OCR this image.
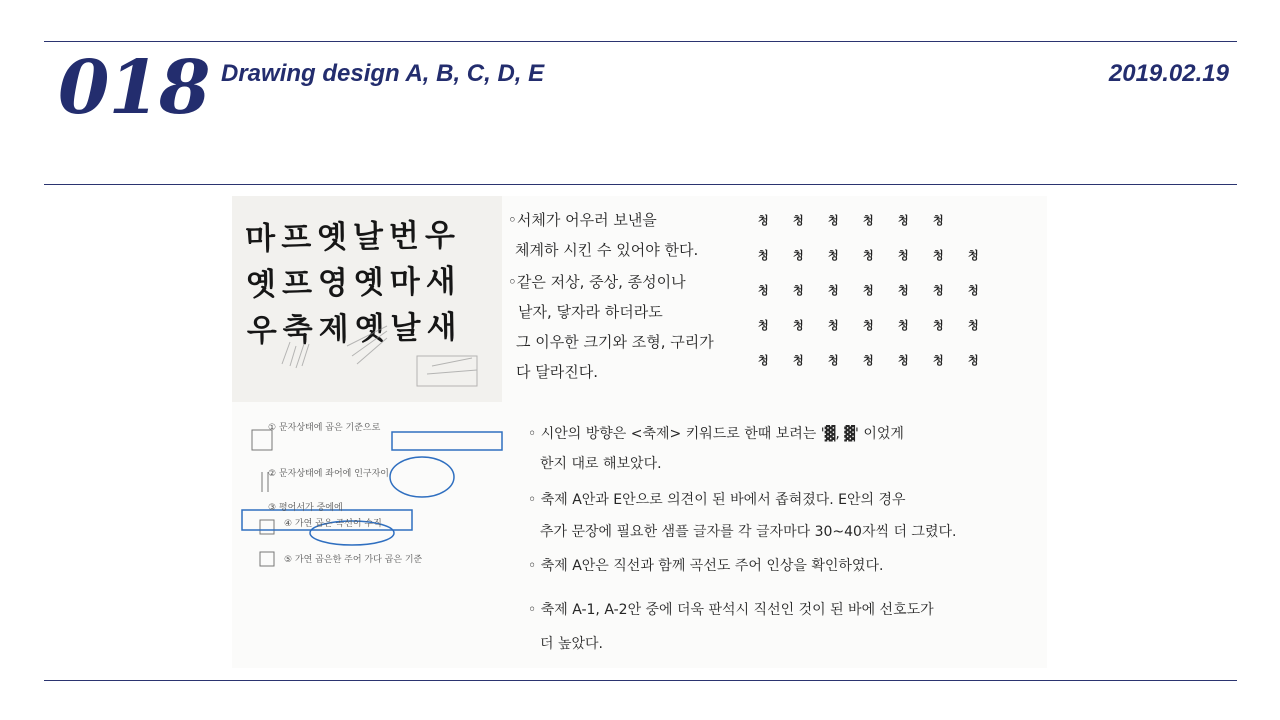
018 Drawing design A, B, C, D, E	2019.02.19
마프옛날번우
옛프영옛마새
우축제옛날새
① 문자상태에 곱은 기준으로
② 문자상태에 좌어에 인구자이
③ 평어서가 중에에
④ 가연 곱은 곡선이 수직
⑤ 가연 곱은한 주어 가다 곱은 기준
◦서체가 어우러 보낸을
체계하 시킨 수 있어야 한다.
◦같은 저상, 중상, 종성이나
낱자, 닿자라 하더라도
그 이우한 크기와 조형, 구리가
다 달라진다.
청	청	청	청	청	청
청	청	청	청	청	청	청
청	청	청	청	청	청	청
청	청	청	청	청	청	청
청	청	청	청	청	청	청
◦ 시안의 방향은 <축제> 키워드로 한때 보려는 '▓, ▓' 이었게
한지 대로 해보았다.
◦ 축제 A안과 E안으로 의견이 된 바에서 좁혀졌다. E안의 경우
추가 문장에 필요한 샘플 글자를 각 글자마다 30~40자씩 더 그렸다.
◦ 축제 A안은 직선과 함께 곡선도 주어 인상을 확인하였다.
◦ 축제 A-1, A-2안 중에 더욱 판석시 직선인 것이 된 바에 선호도가
더 높았다.
